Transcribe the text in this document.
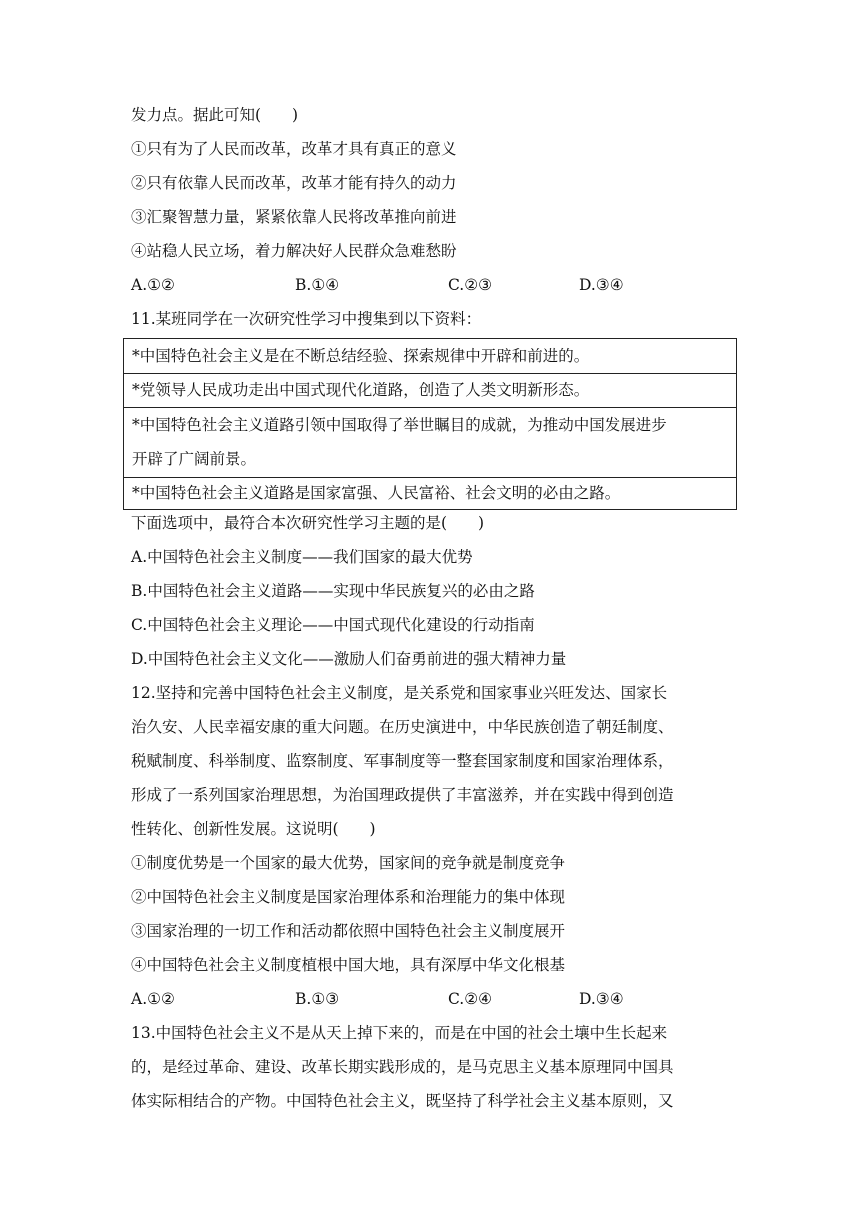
发力点。据此可知(　　)
①只有为了人民而改革，改革才具有真正的意义
②只有依靠人民而改革，改革才能有持久的动力
③汇聚智慧力量，紧紧依靠人民将改革推向前进
④站稳人民立场，着力解决好人民群众急难愁盼
A.①②	B.①④	C.②③	D.③④
11.某班同学在一次研究性学习中搜集到以下资料：
*中国特色社会主义是在不断总结经验、探索规律中开辟和前进的。
*党领导人民成功走出中国式现代化道路，创造了人类文明新形态。
*中国特色社会主义道路引领中国取得了举世瞩目的成就，为推动中国发展进步
开辟了广阔前景。
*中国特色社会主义道路是国家富强、人民富裕、社会文明的必由之路。
下面选项中，最符合本次研究性学习主题的是(　　)
A.中国特色社会主义制度——我们国家的最大优势
B.中国特色社会主义道路——实现中华民族复兴的必由之路
C.中国特色社会主义理论——中国式现代化建设的行动指南
D.中国特色社会主义文化——激励人们奋勇前进的强大精神力量
12.坚持和完善中国特色社会主义制度，是关系党和国家事业兴旺发达、国家长
治久安、人民幸福安康的重大问题。在历史演进中，中华民族创造了朝廷制度、
税赋制度、科举制度、监察制度、军事制度等一整套国家制度和国家治理体系，
形成了一系列国家治理思想，为治国理政提供了丰富滋养，并在实践中得到创造
性转化、创新性发展。这说明(　　)
①制度优势是一个国家的最大优势，国家间的竞争就是制度竞争
②中国特色社会主义制度是国家治理体系和治理能力的集中体现
③国家治理的一切工作和活动都依照中国特色社会主义制度展开
④中国特色社会主义制度植根中国大地，具有深厚中华文化根基
A.①②	B.①③	C.②④	D.③④
13.中国特色社会主义不是从天上掉下来的，而是在中国的社会土壤中生长起来
的，是经过革命、建设、改革长期实践形成的，是马克思主义基本原理同中国具
体实际相结合的产物。中国特色社会主义，既坚持了科学社会主义基本原则，又
